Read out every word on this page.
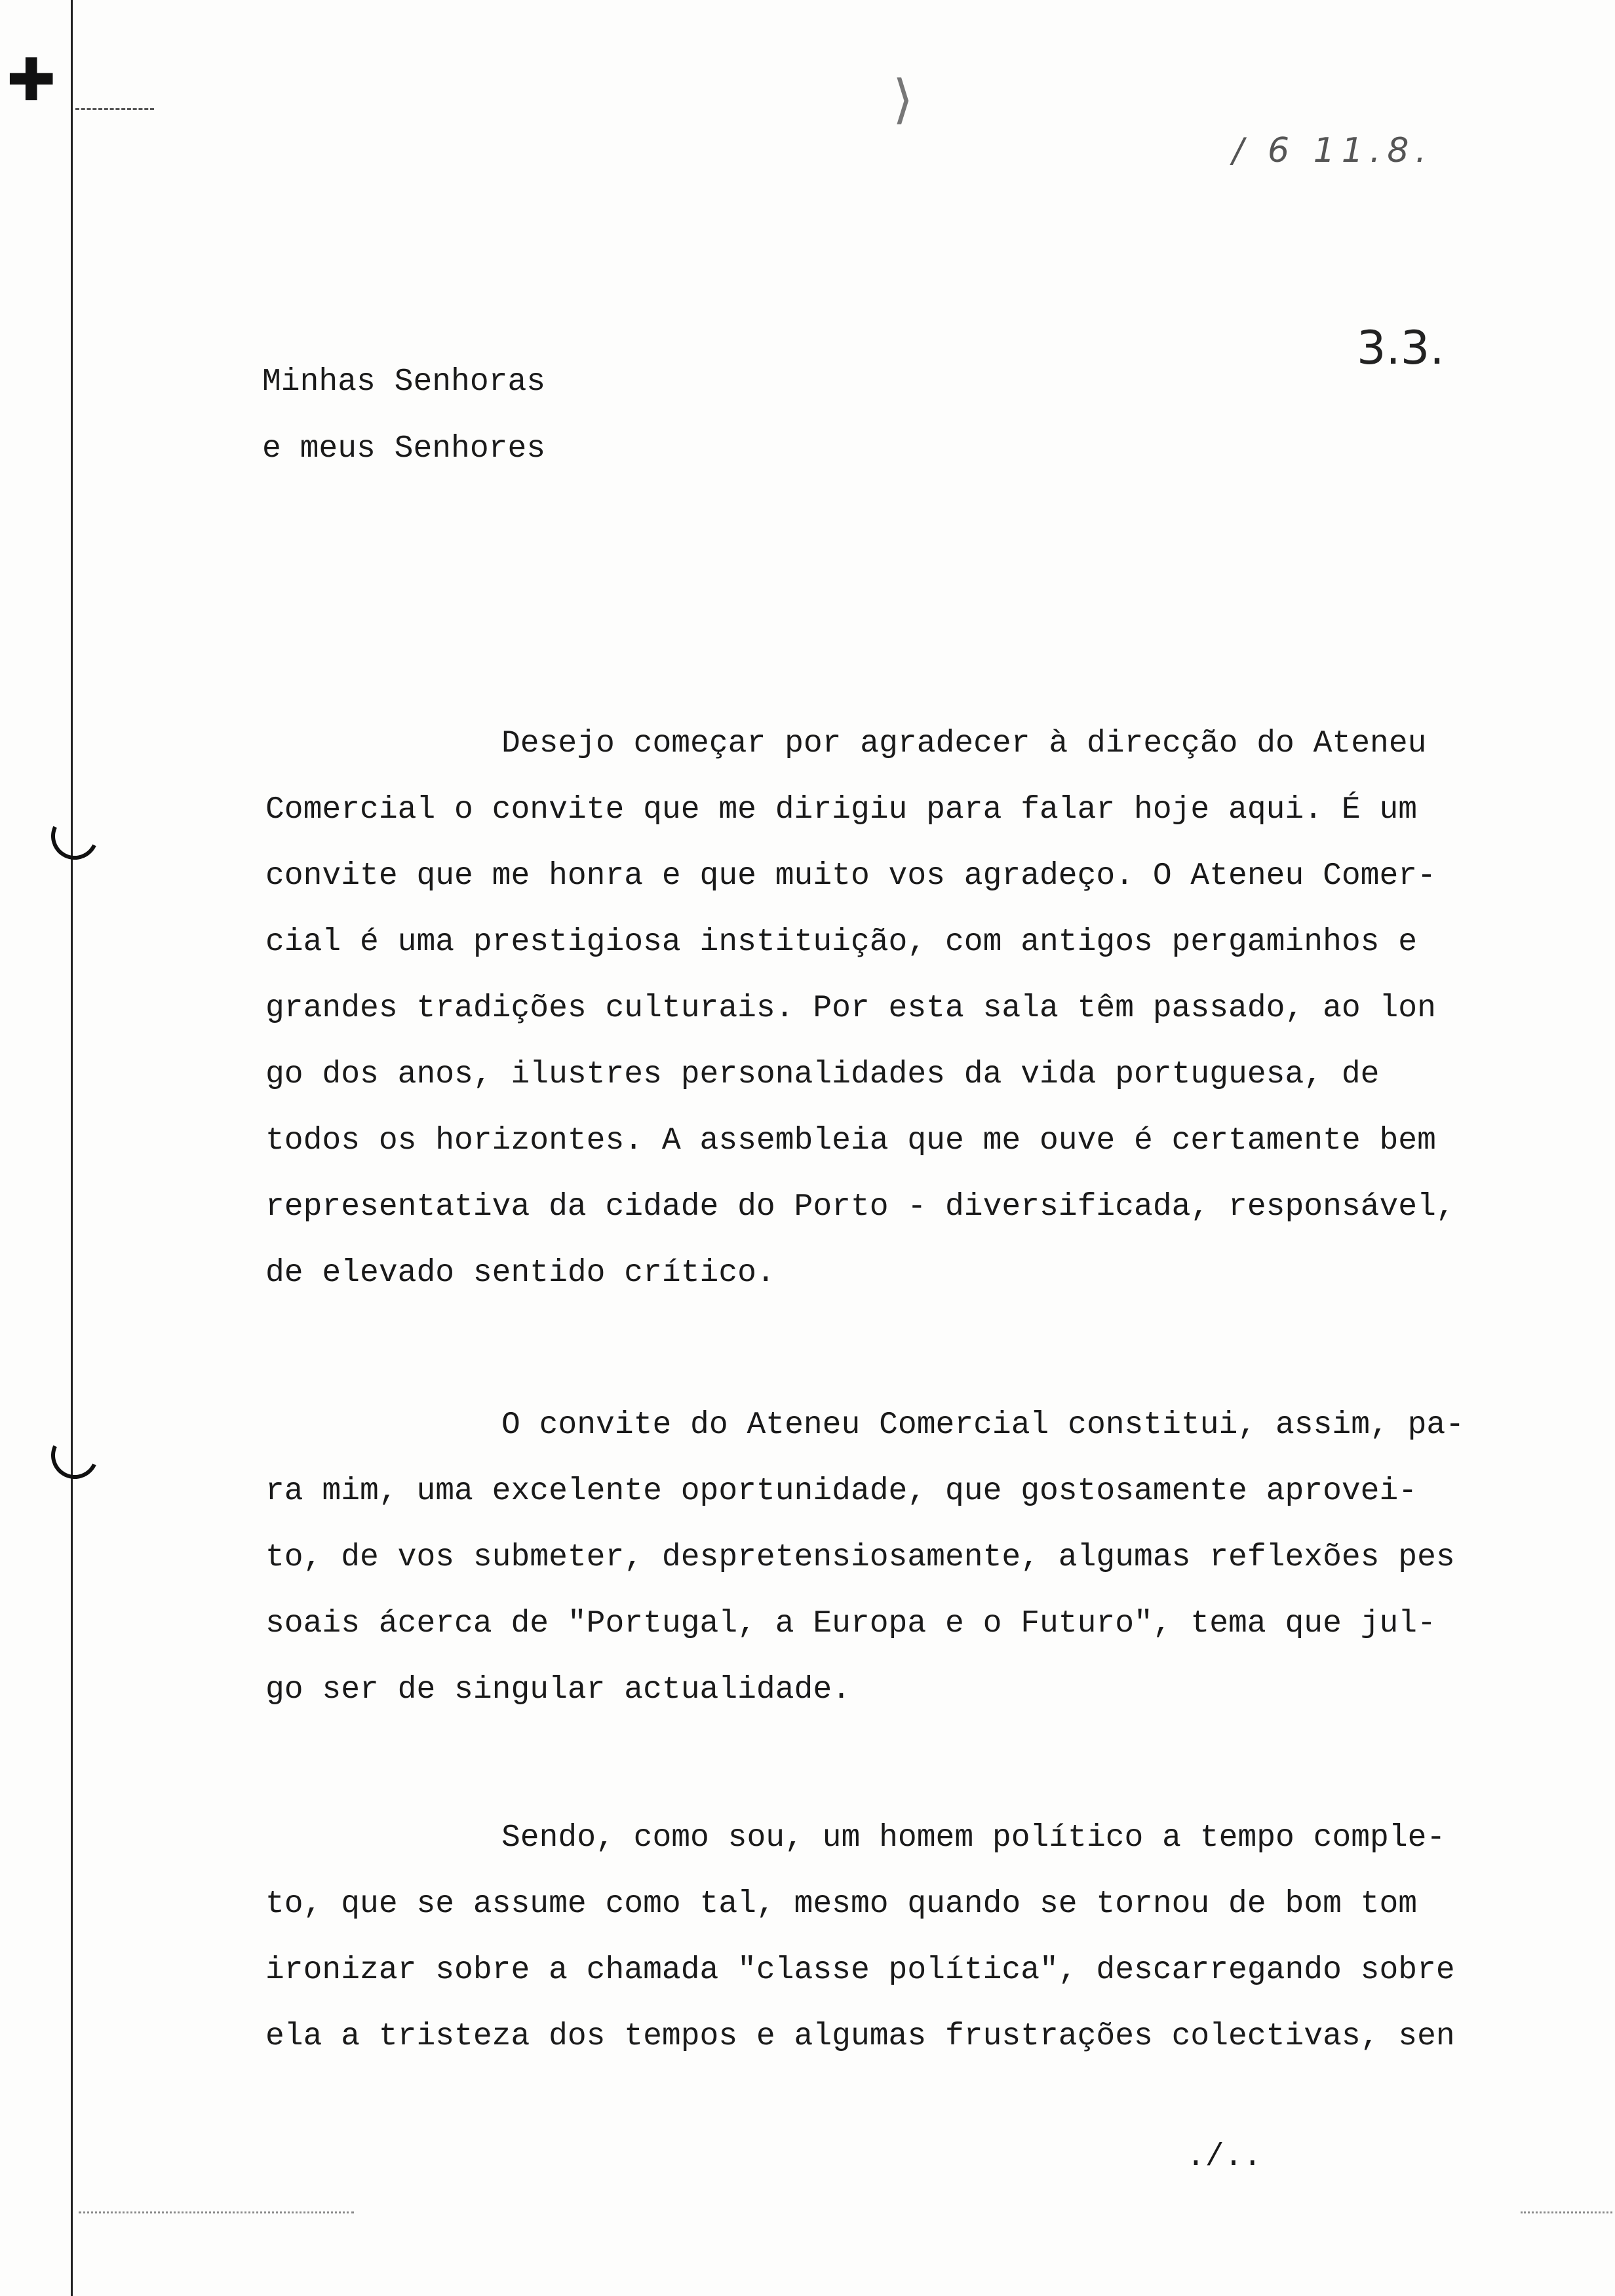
✚	⟩
/ 6 11.8.
3.3.
Minhas Senhoras
e meus Senhores
Desejo começar por agradecer à direcção do Ateneu
Comercial o convite que me dirigiu para falar hoje aqui. É um
convite que me honra e que muito vos agradeço. O Ateneu Comer-
cial é uma prestigiosa instituição, com antigos pergaminhos e
grandes tradições culturais. Por esta sala têm passado, ao lon
go dos anos, ilustres personalidades da vida portuguesa, de
todos os horizontes. A assembleia que me ouve é certamente bem
representativa da cidade do Porto - diversificada, responsável,
de elevado sentido crítico.
O convite do Ateneu Comercial constitui, assim, pa-
ra mim, uma excelente oportunidade, que gostosamente aprovei-
to, de vos submeter, despretensiosamente, algumas reflexões pes
soais ácerca de "Portugal, a Europa e o Futuro", tema que jul-
go ser de singular actualidade.
Sendo, como sou, um homem político a tempo comple-
to, que se assume como tal, mesmo quando se tornou de bom tom
ironizar sobre a chamada "classe política", descarregando sobre
ela a tristeza dos tempos e algumas frustrações colectivas, sen
./..
